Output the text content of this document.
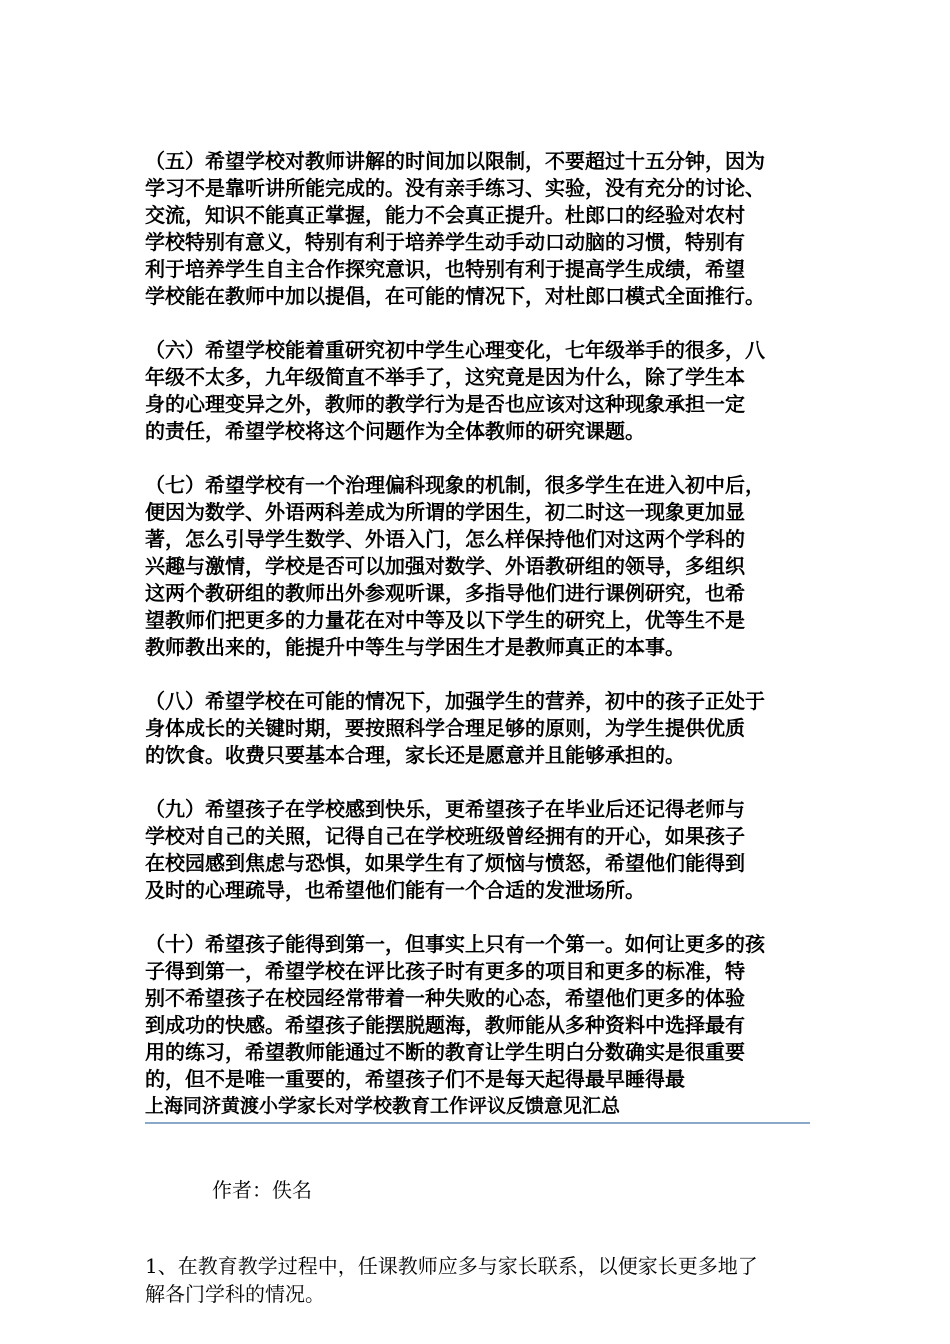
（五）希望学校对教师讲解的时间加以限制，不要超过十五分钟，因为
学习不是靠听讲所能完成的。没有亲手练习、实验，没有充分的讨论、
交流，知识不能真正掌握，能力不会真正提升。杜郎口的经验对农村
学校特别有意义，特别有利于培养学生动手动口动脑的习惯，特别有
利于培养学生自主合作探究意识，也特别有利于提高学生成绩，希望
学校能在教师中加以提倡，在可能的情况下，对杜郎口模式全面推行。

（六）希望学校能着重研究初中学生心理变化，七年级举手的很多，八
年级不太多，九年级简直不举手了，这究竟是因为什么，除了学生本
身的心理变异之外，教师的教学行为是否也应该对这种现象承担一定
的责任，希望学校将这个问题作为全体教师的研究课题。

（七）希望学校有一个治理偏科现象的机制，很多学生在进入初中后，
便因为数学、外语两科差成为所谓的学困生，初二时这一现象更加显
著，怎么引导学生数学、外语入门，怎么样保持他们对这两个学科的
兴趣与激情，学校是否可以加强对数学、外语教研组的领导，多组织
这两个教研组的教师出外参观听课，多指导他们进行课例研究，也希
望教师们把更多的力量花在对中等及以下学生的研究上，优等生不是
教师教出来的，能提升中等生与学困生才是教师真正的本事。

（八）希望学校在可能的情况下，加强学生的营养，初中的孩子正处于
身体成长的关键时期，要按照科学合理足够的原则，为学生提供优质
的饮食。收费只要基本合理，家长还是愿意并且能够承担的。

（九）希望孩子在学校感到快乐，更希望孩子在毕业后还记得老师与
学校对自己的关照，记得自己在学校班级曾经拥有的开心，如果孩子
在校园感到焦虑与恐惧，如果学生有了烦恼与愤怒，希望他们能得到
及时的心理疏导，也希望他们能有一个合适的发泄场所。

（十）希望孩子能得到第一，但事实上只有一个第一。如何让更多的孩
子得到第一，希望学校在评比孩子时有更多的项目和更多的标准，特
别不希望孩子在校园经常带着一种失败的心态，希望他们更多的体验
到成功的快感。希望孩子能摆脱题海，教师能从多种资料中选择最有
用的练习，希望教师能通过不断的教育让学生明白分数确实是很重要
的，但不是唯一重要的，希望孩子们不是每天起得最早睡得最

上海同济黄渡小学家长对学校教育工作评议反馈意见汇总
作者：佚名

1、在教育教学过程中，任课教师应多与家长联系，以便家长更多地了
解各门学科的情况。
